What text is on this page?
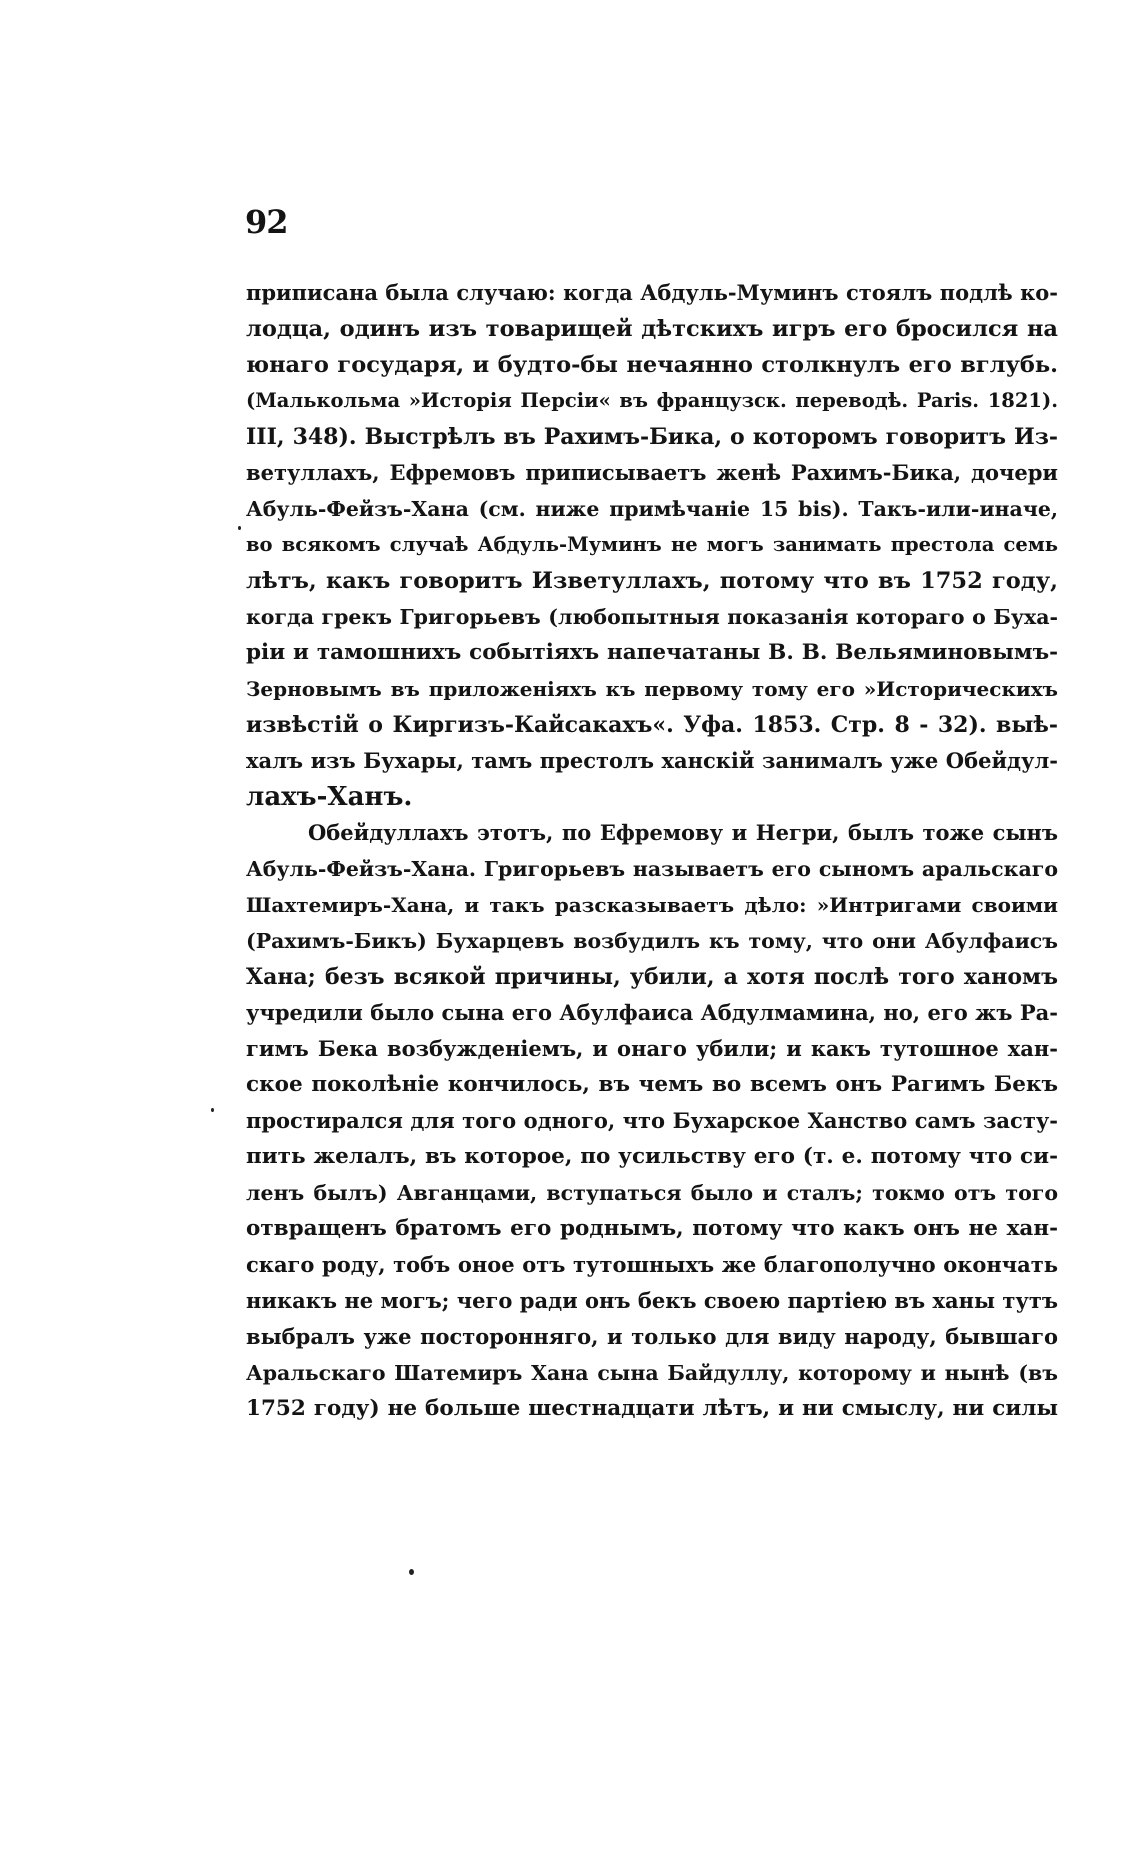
92
приписана была случаю: когда Абдуль-Муминъ стоялъ подлѣ ко-
лодца, одинъ изъ товарищей дѣтскихъ игръ его бросился на
юнаго государя, и будто-бы нечаянно столкнулъ его вглубь.
(Малькольма »Исторія Персіи« въ французск. переводѣ. Paris. 1821).
III, 348). Выстрѣлъ въ Рахимъ-Бика, о которомъ говоритъ Из-
ветуллахъ, Ефремовъ приписываетъ женѣ Рахимъ-Бика, дочери
Абуль-Фейзъ-Хана (см. ниже примѣчаніе 15 bis). Такъ-или-иначе,
во всякомъ случаѣ Абдуль-Муминъ не могъ занимать престола семь
лѣтъ, какъ говоритъ Изветуллахъ, потому что въ 1752 году,
когда грекъ Григорьевъ (любопытныя показанія котораго о Буха-
ріи и тамошнихъ событіяхъ напечатаны В. В. Вельяминовымъ-
Зерновымъ въ приложеніяхъ къ первому тому его »Историческихъ
извѣстій о Киргизъ-Кайсакахъ«. Уфа. 1853. Стр. 8 - 32). выѣ-
халъ изъ Бухары, тамъ престолъ ханскій занималъ уже Обейдул-
лахъ-Ханъ.
Обейдуллахъ этотъ, по Ефремову и Негри, былъ тоже сынъ
Абуль-Фейзъ-Хана. Григорьевъ называетъ его сыномъ аральскаго
Шахтемиръ-Хана, и такъ разсказываетъ дѣло: »Интригами своими
(Рахимъ-Бикъ) Бухарцевъ возбудилъ къ тому, что они Абулфаисъ
Хана; безъ всякой причины, убили, а хотя послѣ того ханомъ
учредили было сына его Абулфаиса Абдулмамина, но, его жъ Ра-
гимъ Бека возбужденіемъ, и онаго убили; и какъ тутошное хан-
ское поколѣніе кончилось, въ чемъ во всемъ онъ Рагимъ Бекъ
простирался для того одного, что Бухарское Ханство самъ засту-
пить желалъ, въ которое, по усильству его (т. е. потому что си-
ленъ былъ) Авганцами, вступаться было и сталъ; токмо отъ того
отвращенъ братомъ его роднымъ, потому что какъ онъ не хан-
скаго роду, тобъ оное отъ тутошныхъ же благополучно окончать
никакъ не могъ; чего ради онъ бекъ своею партіею въ ханы тутъ
выбралъ уже посторонняго, и только для виду народу, бывшаго
Аральскаго Шатемиръ Хана сына Байдуллу, которому и нынѣ (въ
1752 году) не больше шестнадцати лѣтъ, и ни смыслу, ни силы
